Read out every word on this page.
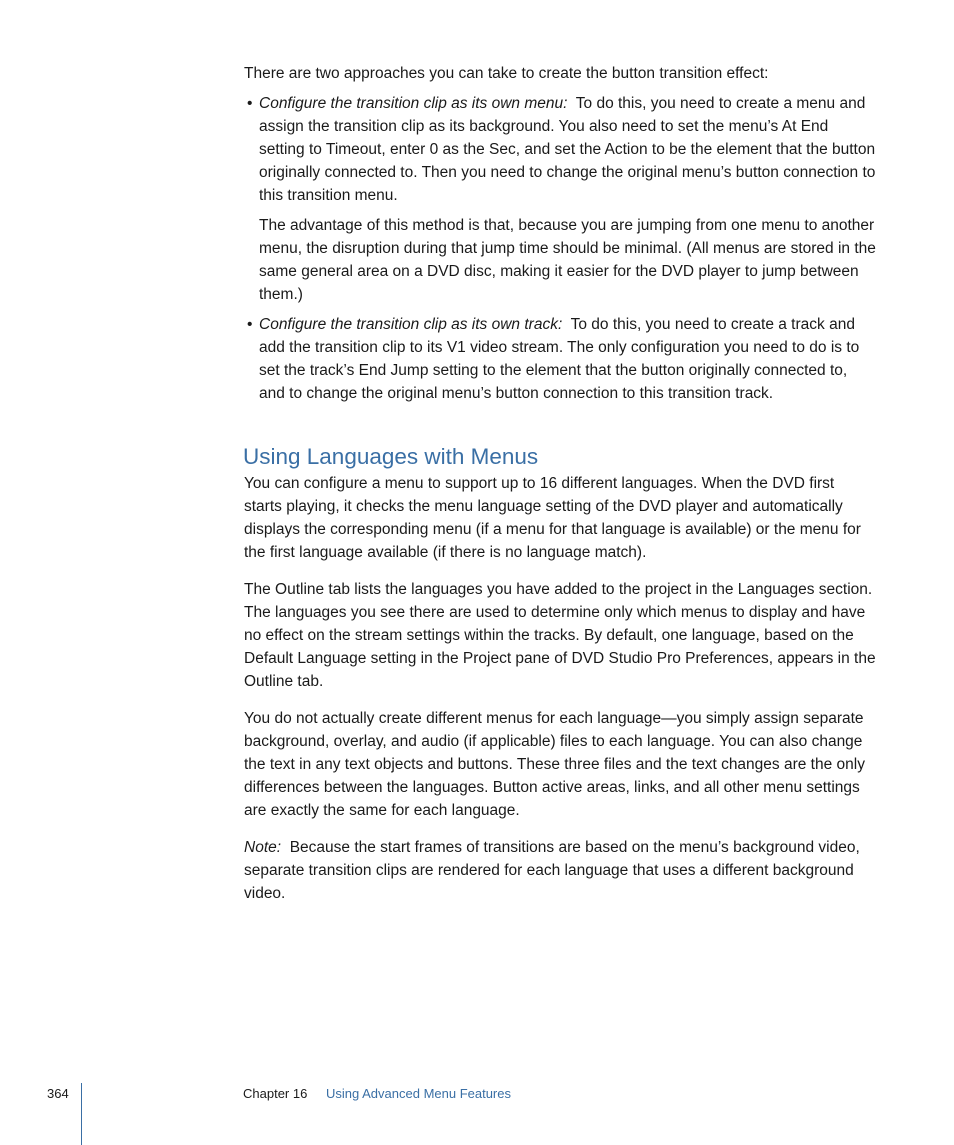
There are two approaches you can take to create the button transition effect:

• Configure the transition clip as its own menu: To do this, you need to create a menu and assign the transition clip as its background. You also need to set the menu’s At End setting to Timeout, enter 0 as the Sec, and set the Action to be the element that the button originally connected to. Then you need to change the original menu’s button connection to this transition menu.

The advantage of this method is that, because you are jumping from one menu to another menu, the disruption during that jump time should be minimal. (All menus are stored in the same general area on a DVD disc, making it easier for the DVD player to jump between them.)

• Configure the transition clip as its own track: To do this, you need to create a track and add the transition clip to its V1 video stream. The only configuration you need to do is to set the track’s End Jump setting to the element that the button originally connected to, and to change the original menu’s button connection to this transition track.

Using Languages with Menus

You can configure a menu to support up to 16 different languages. When the DVD first starts playing, it checks the menu language setting of the DVD player and automatically displays the corresponding menu (if a menu for that language is available) or the menu for the first language available (if there is no language match).

The Outline tab lists the languages you have added to the project in the Languages section. The languages you see there are used to determine only which menus to display and have no effect on the stream settings within the tracks. By default, one language, based on the Default Language setting in the Project pane of DVD Studio Pro Preferences, appears in the Outline tab.

You do not actually create different menus for each language—you simply assign separate background, overlay, and audio (if applicable) files to each language. You can also change the text in any text objects and buttons. These three files and the text changes are the only differences between the languages. Button active areas, links, and all other menu settings are exactly the same for each language.

Note: Because the start frames of transitions are based on the menu’s background video, separate transition clips are rendered for each language that uses a different background video.

364	Chapter 16 Using Advanced Menu Features
